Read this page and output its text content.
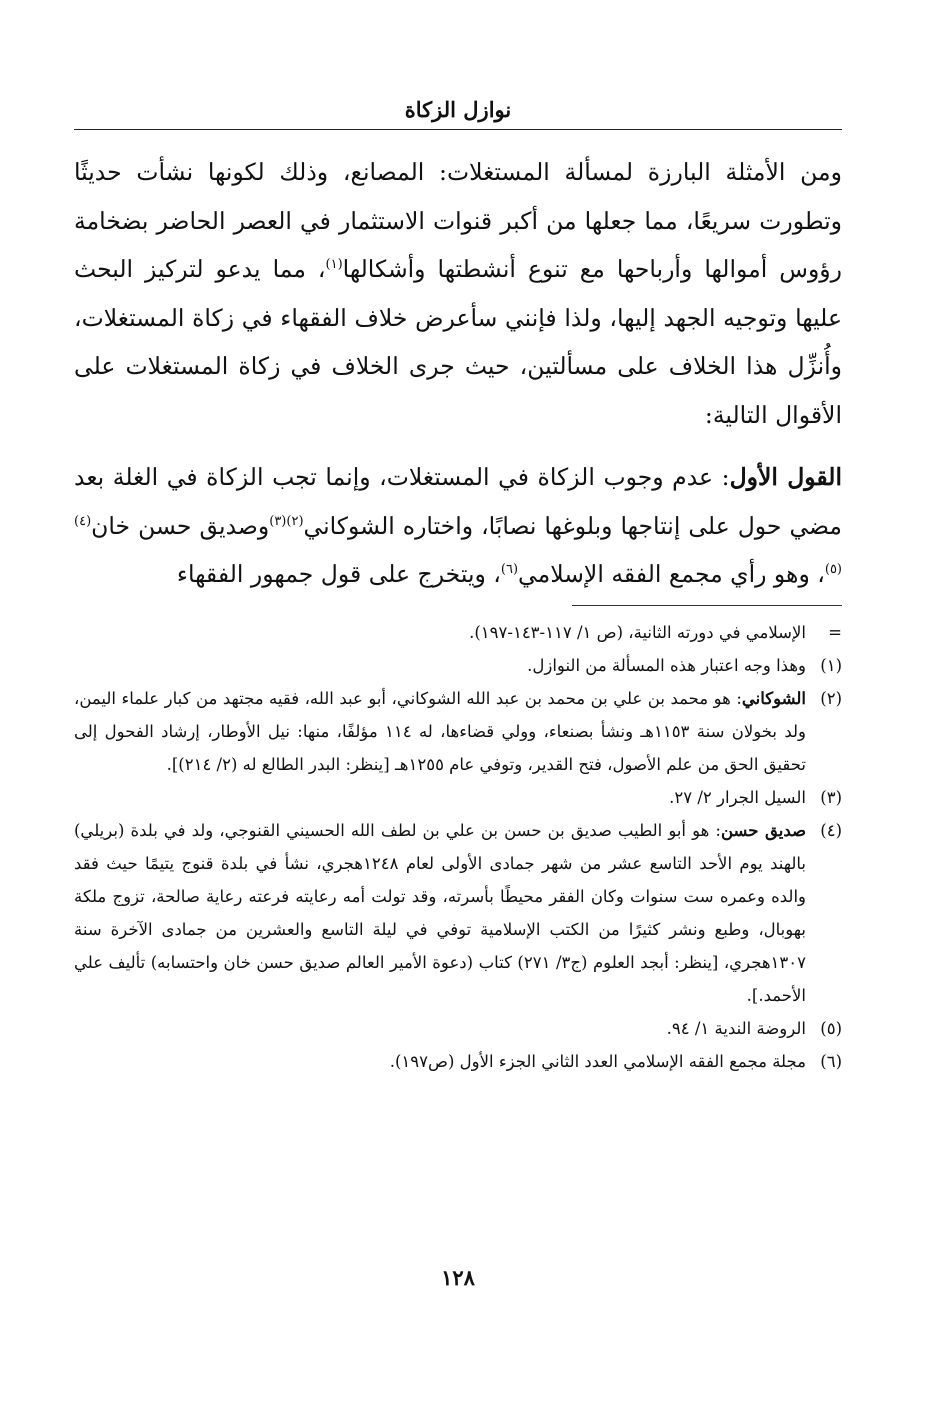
نوازل الزكاة

ومن الأمثلة البارزة لمسألة المستغلات: المصانع، وذلك لكونها نشأت حديثًا وتطورت سريعًا، مما جعلها من أكبر قنوات الاستثمار في العصر الحاضر بضخامة رؤوس أموالها وأرباحها مع تنوع أنشطتها وأشكالها$^{(١)}$، مما يدعو لتركيز البحث عليها وتوجيه الجهد إليها، ولذا فإنني سأعرض خلاف الفقهاء في زكاة المستغلات، وأُنزِّل هذا الخلاف على مسألتين، حيث جرى الخلاف في زكاة المستغلات على الأقوال التالية:

القول الأول: عدم وجوب الزكاة في المستغلات، وإنما تجب الزكاة في الغلة بعد مضي حول على إنتاجها وبلوغها نصابًا، واختاره الشوكاني$^{(٢)(٣)}$وصديق حسن خان$^{(٤)(٥)}$، وهو رأي مجمع الفقه الإسلامي$^{(٦)}$، ويتخرج على قول جمهور الفقهاء

=
الإسلامي في دورته الثانية، (ص ١/ ١١٧-١٤٣-١٩٧).
(١)
وهذا وجه اعتبار هذه المسألة من النوازل.
(٢)
الشوكاني: هو محمد بن علي بن محمد بن عبد الله الشوكاني، أبو عبد الله، فقيه مجتهد من كبار علماء اليمن، ولد بخولان سنة ١١٥٣هـ ونشأ بصنعاء، وولي قضاءها، له ١١٤ مؤلفًا، منها: نيل الأوطار، إرشاد الفحول إلى تحقيق الحق من علم الأصول، فتح القدير، وتوفي عام ١٢٥٥هـ [ينظر: البدر الطالع له (٢/ ٢١٤)].
(٣)
السيل الجرار ٢/ ٢٧.
(٤)
صديق حسن: هو أبو الطيب صديق بن حسن بن علي بن لطف الله الحسيني القنوجي، ولد في بلدة (بريلي) بالهند يوم الأحد التاسع عشر من شهر جمادى الأولى لعام ١٢٤٨هجري، نشأ في بلدة قنوج يتيمًا حيث فقد والده وعمره ست سنوات وكان الفقر محيطًا بأسرته، وقد تولت أمه رعايته فرعته رعاية صالحة، تزوج ملكة بهوبال، وطبع ونشر كثيرًا من الكتب الإسلامية توفي في ليلة التاسع والعشرين من جمادى الآخرة سنة ١٣٠٧هجري، [ينظر: أبجد العلوم (ج٣/ ٢٧١) كتاب (دعوة الأمير العالم صديق حسن خان واحتسابه) تأليف علي الأحمد.].
(٥)
الروضة الندية ١/ ٩٤.
(٦)
مجلة مجمع الفقه الإسلامي العدد الثاني الجزء الأول (ص١٩٧).
١٢٨
